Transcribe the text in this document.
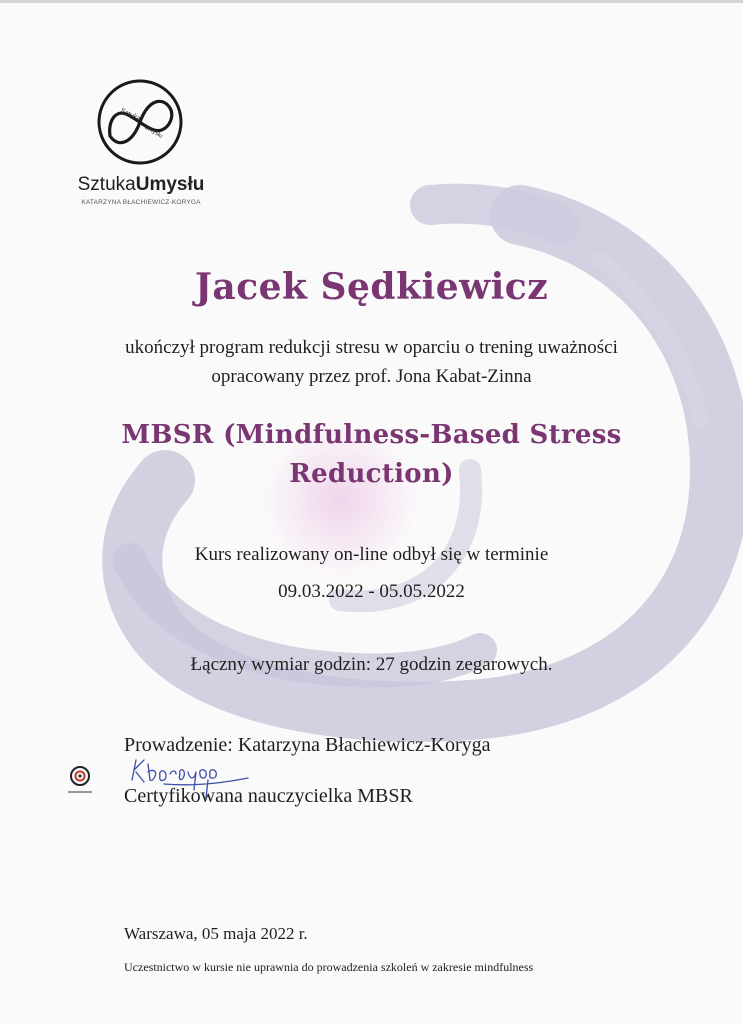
Sztuka
Umysłu
SztukaUmysłu
KATARZYNA BŁACHIEWICZ-KORYGA
Jacek Sędkiewicz
ukończył program redukcji stresu w oparciu o trening uważności
opracowany przez prof. Jona Kabat-Zinna
MBSR (Mindfulness-Based Stress
Reduction)
Kurs realizowany on-line odbył się w terminie
09.03.2022 - 05.05.2022
Łączny wymiar godzin: 27 godzin zegarowych.
Prowadzenie: Katarzyna Błachiewicz-Koryga
Certyfikowana nauczycielka MBSR
Warszawa, 05 maja 2022 r.
Uczestnictwo w kursie nie uprawnia do prowadzenia szkoleń w zakresie mindfulness
